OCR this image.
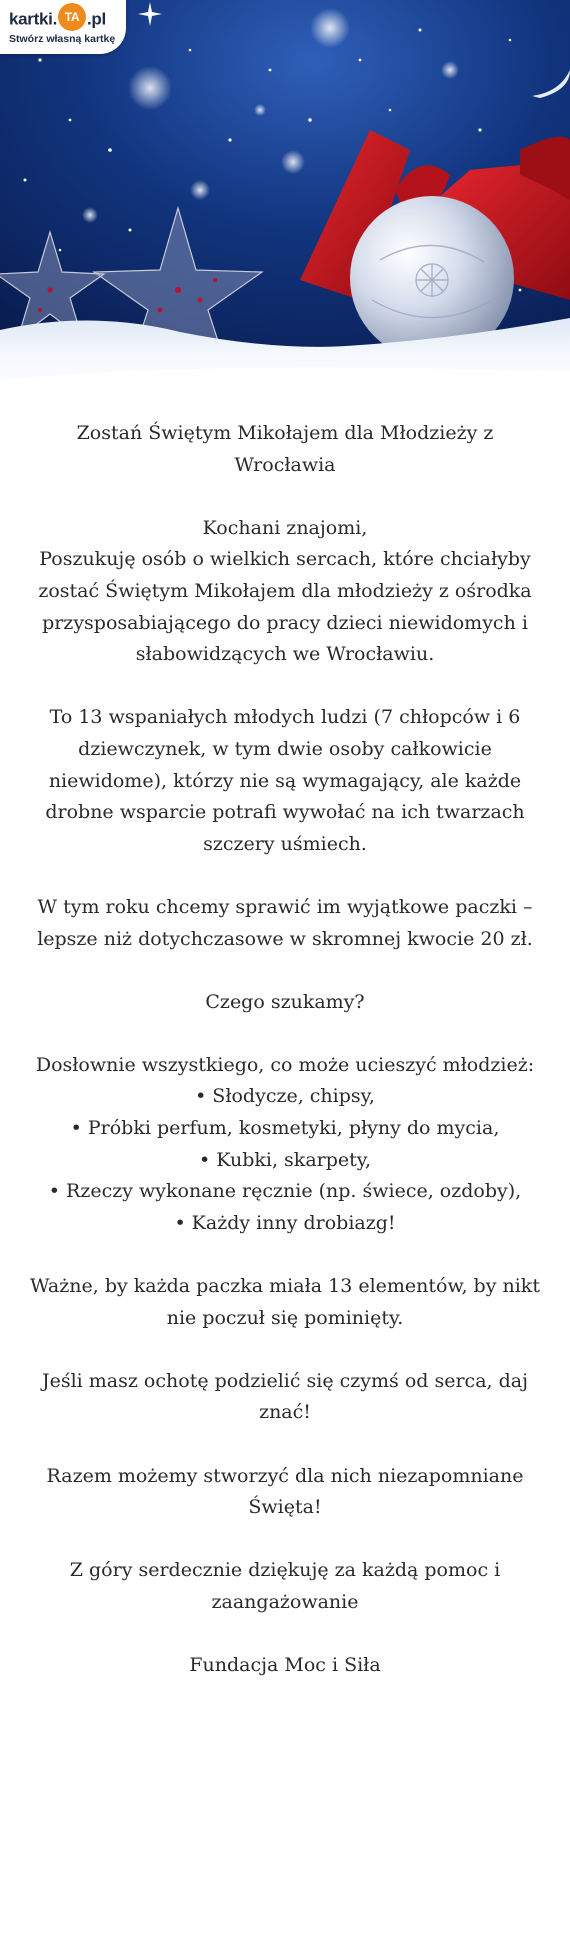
kartki. TA .pl
Stwórz własną kartkę

Zostań Świętym Mikołajem dla Młodzieży z

Wrocławia

Kochani znajomi,

Poszukuję osób o wielkich sercach, które chciałyby

zostać Świętym Mikołajem dla młodzieży z ośrodka

przysposabiającego do pracy dzieci niewidomych i

słabowidzących we Wrocławiu.

To 13 wspaniałych młodych ludzi (7 chłopców i 6

dziewczynek, w tym dwie osoby całkowicie

niewidome), którzy nie są wymagający, ale każde

drobne wsparcie potrafi wywołać na ich twarzach

szczery uśmiech.

W tym roku chcemy sprawić im wyjątkowe paczki –

lepsze niż dotychczasowe w skromnej kwocie 20 zł.

Czego szukamy?

Dosłownie wszystkiego, co może ucieszyć młodzież:

• Słodycze, chipsy,

• Próbki perfum, kosmetyki, płyny do mycia,

• Kubki, skarpety,

• Rzeczy wykonane ręcznie (np. świece, ozdoby),

• Każdy inny drobiazg!

Ważne, by każda paczka miała 13 elementów, by nikt

nie poczuł się pominięty.

Jeśli masz ochotę podzielić się czymś od serca, daj

znać!

Razem możemy stworzyć dla nich niezapomniane

Święta!

Z góry serdecznie dziękuję za każdą pomoc i

zaangażowanie

Fundacja Moc i Siła
